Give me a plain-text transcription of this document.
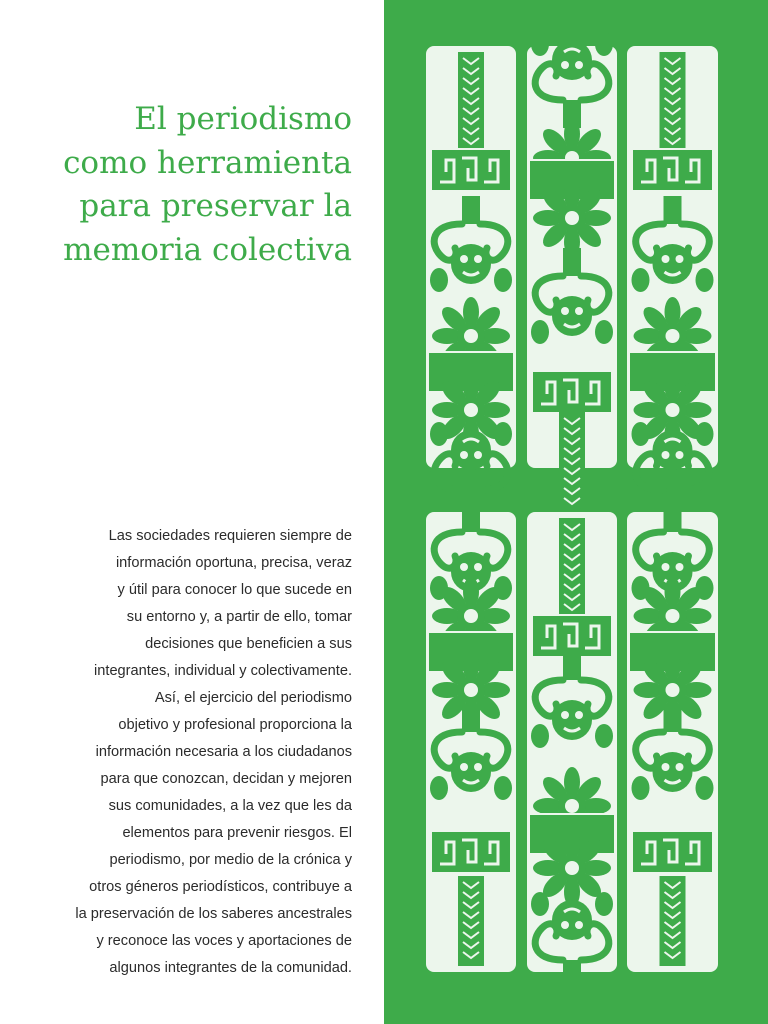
El periodismo
como herramienta
para preservar la
memoria colectiva
Las sociedades requieren siempre de
información oportuna, precisa, veraz
y útil para conocer lo que sucede en
su entorno y, a partir de ello, tomar
decisiones que beneficien a sus
integrantes, individual y colectivamente.
Así, el ejercicio del periodismo
objetivo y profesional proporciona la
información necesaria a los ciudadanos
para que conozcan, decidan y mejoren
sus comunidades, a la vez que les da
elementos para prevenir riesgos. El
periodismo, por medio de la crónica y
otros géneros periodísticos, contribuye a
la preservación de los saberes ancestrales
y reconoce las voces y aportaciones de
algunos integrantes de la comunidad.
